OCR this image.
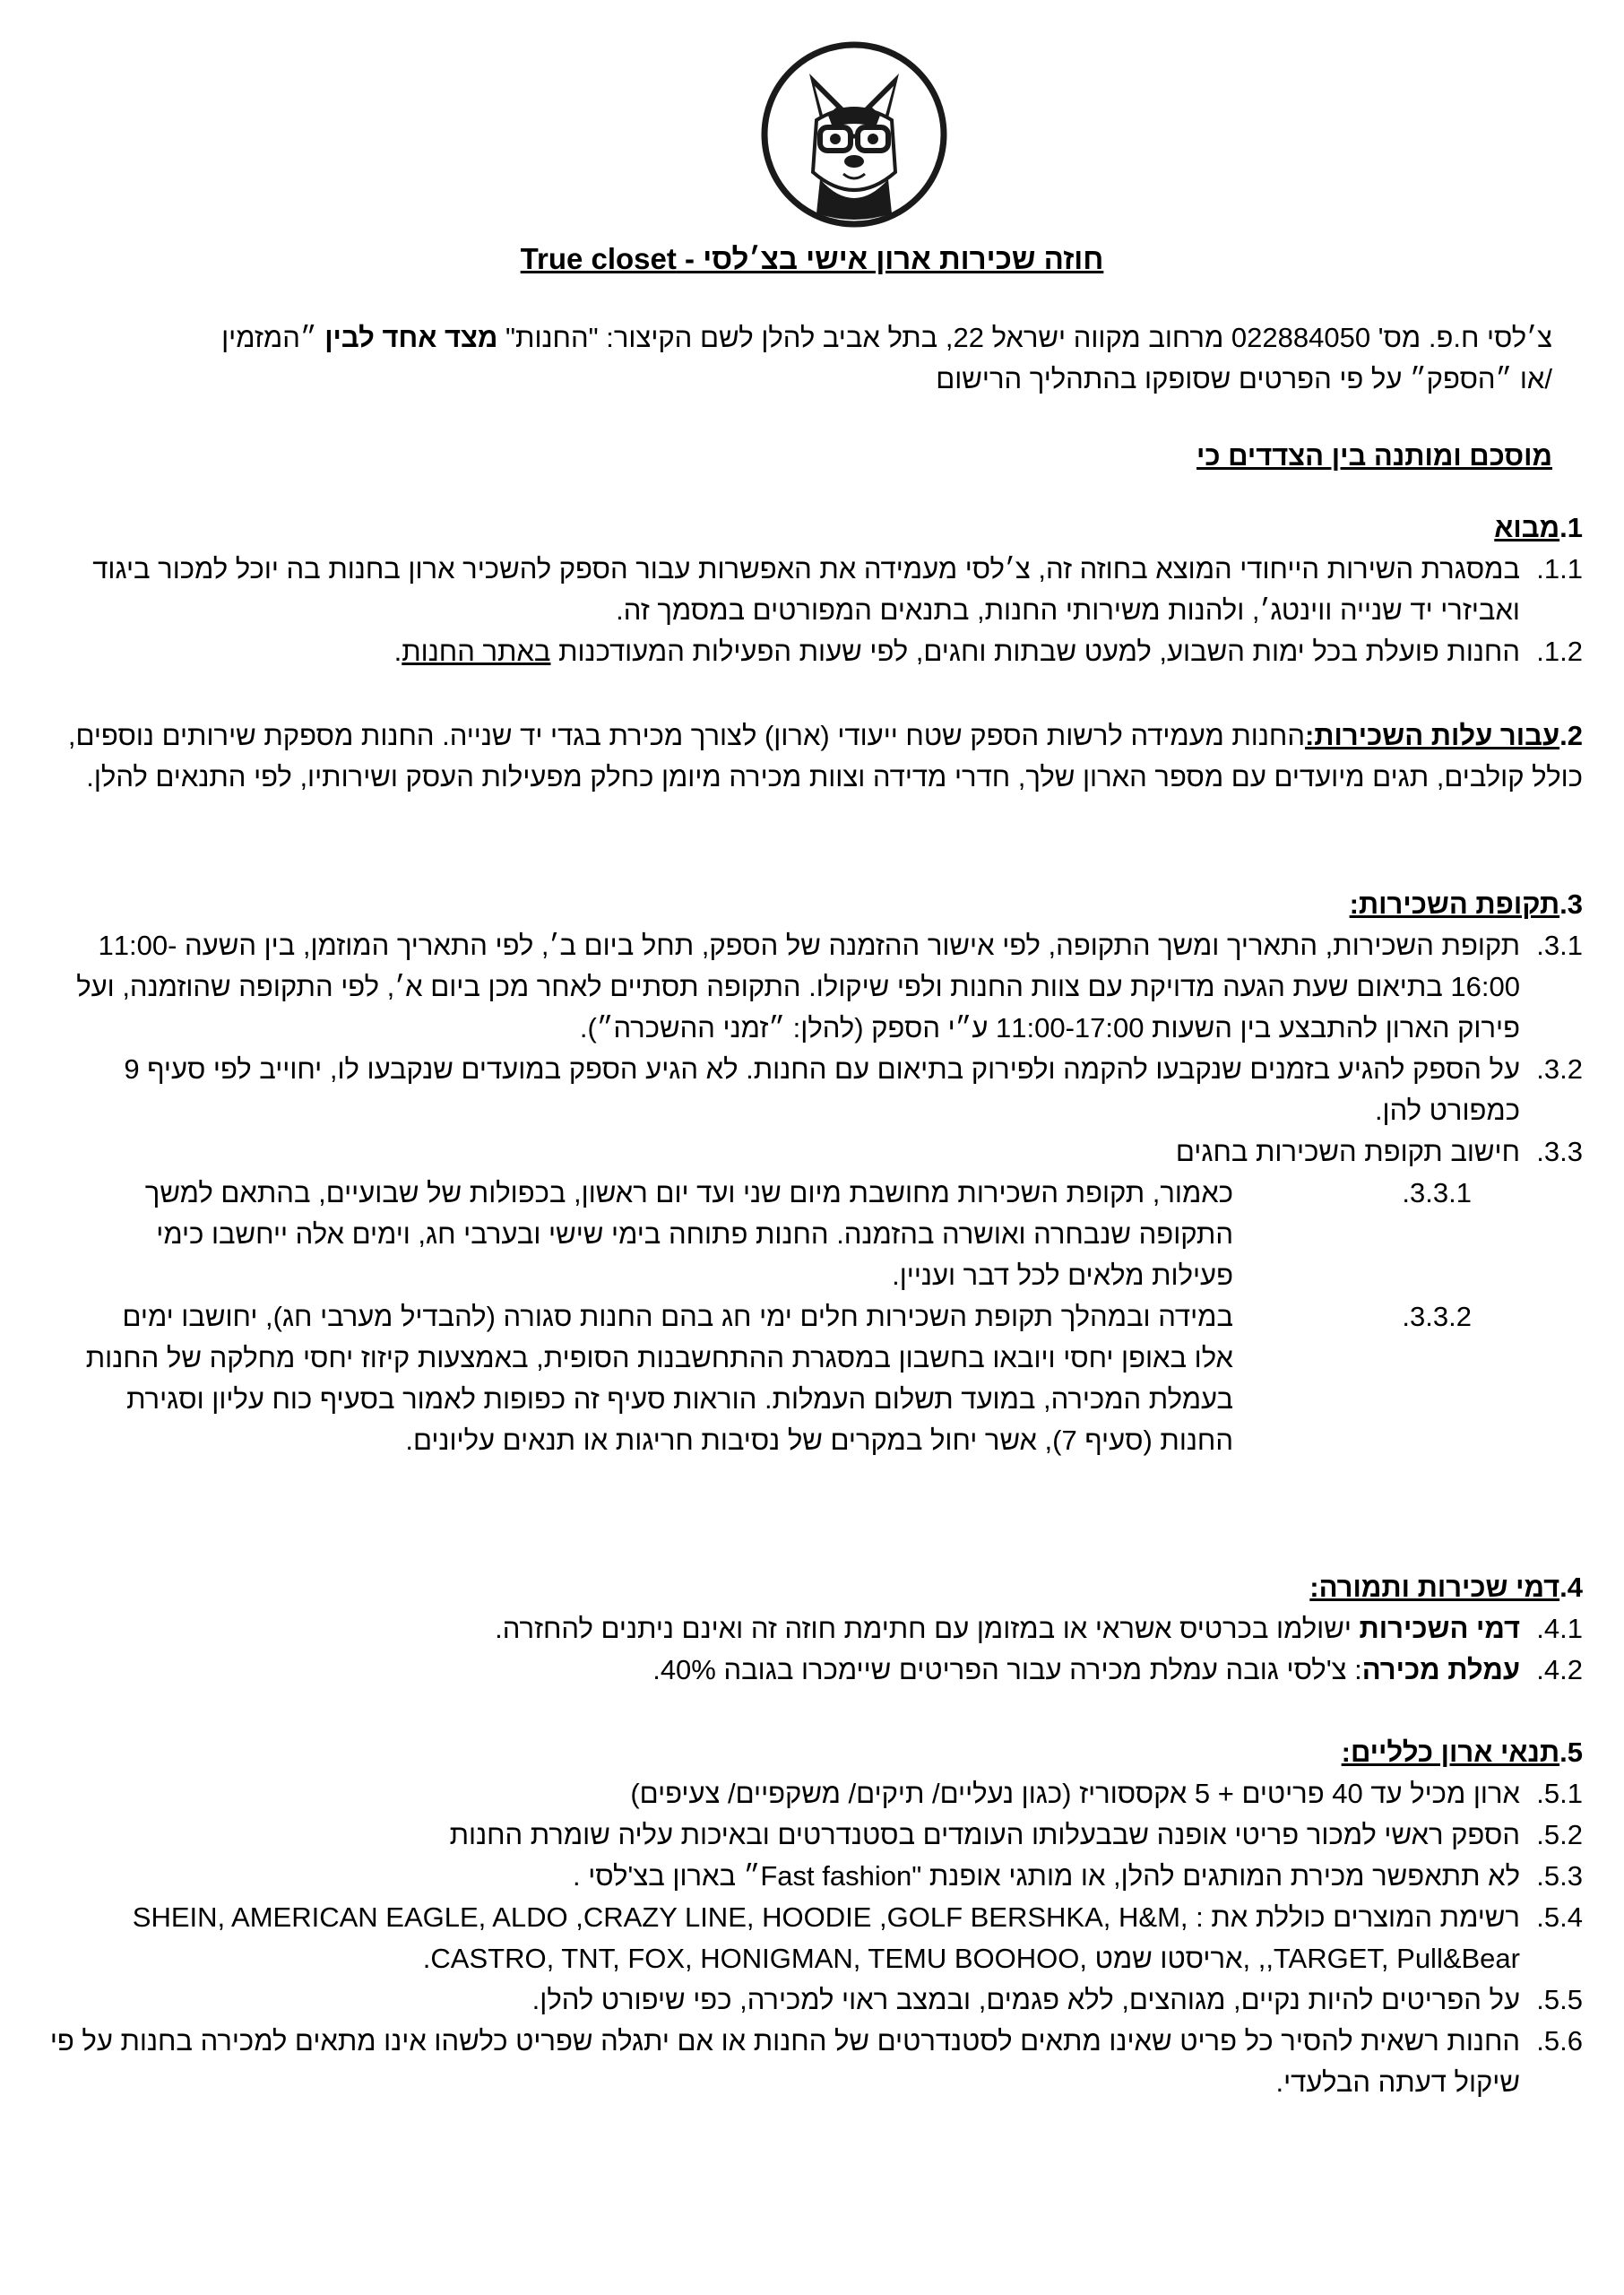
חוזה שכירות ארון אישי בצ׳לסי - True closet
צ׳לסי ח.פ. מס' 022884050 מרחוב מקווה ישראל 22, בתל אביב להלן לשם הקיצור: "החנות" מצד אחד לבין ״המזמין
/או ״הספק״ על פי הפרטים שסופקו בהתהליך הרישום
מוסכם ומותנה בין הצדדים כי
1.מבוא
1.1.
במסגרת השירות הייחודי המוצא בחוזה זה, צ׳לסי מעמידה את האפשרות עבור הספק להשכיר ארון בחנות בה יוכל למכור ביגוד ואביזרי יד שנייה ווינטג׳, ולהנות משירותי החנות, בתנאים המפורטים במסמך זה.
1.2.
החנות פועלת בכל ימות השבוע, למעט שבתות וחגים, לפי שעות הפעילות המעודכנות באתר החנות.
2.עבור עלות השכירות:החנות מעמידה לרשות הספק שטח ייעודי (ארון) לצורך מכירת בגדי יד שנייה. החנות מספקת שירותים נוספים, כולל קולבים, תגים מיועדים עם מספר הארון שלך, חדרי מדידה וצוות מכירה מיומן כחלק מפעילות העסק ושירותיו, לפי התנאים להלן.
3.תקופת השכירות:
3.1.
תקופת השכירות, התאריך ומשך התקופה, לפי אישור ההזמנה של הספק, תחל ביום ב׳, לפי התאריך המוזמן, בין השעה 11:00-16:00 בתיאום שעת הגעה מדויקת עם צוות החנות ולפי שיקולו. התקופה תסתיים לאחר מכן ביום א׳, לפי התקופה שהוזמנה, ועל פירוק הארון להתבצע בין השעות 11:00-17:00 ע״י הספק (להלן: ״זמני ההשכרה״).
3.2.
על הספק להגיע בזמנים שנקבעו להקמה ולפירוק בתיאום עם החנות. לא הגיע הספק במועדים שנקבעו לו, יחוייב לפי סעיף 9 כמפורט להן.
3.3.
חישוב תקופת השכירות בחגים
3.3.1.
כאמור, תקופת השכירות מחושבת מיום שני ועד יום ראשון, בכפולות של שבועיים, בהתאם למשך התקופה שנבחרה ואושרה בהזמנה. החנות פתוחה בימי שישי ובערבי חג, וימים אלה ייחשבו כימי פעילות מלאים לכל דבר ועניין.
3.3.2.
במידה ובמהלך תקופת השכירות חלים ימי חג בהם החנות סגורה (להבדיל מערבי חג), יחושבו ימים אלו באופן יחסי ויובאו בחשבון במסגרת ההתחשבנות הסופית, באמצעות קיזוז יחסי מחלקה של החנות בעמלת המכירה, במועד תשלום העמלות. הוראות סעיף זה כפופות לאמור בסעיף כוח עליון וסגירת החנות (סעיף 7), אשר יחול במקרים של נסיבות חריגות או תנאים עליונים.
4.דמי שכירות ותמורה:
4.1.
דמי השכירות ישולמו בכרטיס אשראי או במזומן עם חתימת חוזה זה ואינם ניתנים להחזרה.
4.2.
עמלת מכירה: צ'לסי גובה עמלת מכירה עבור הפריטים שיימכרו בגובה 40%.
5.תנאי ארון כלליים:
5.1.
ארון מכיל עד 40 פריטים + 5 אקססוריז (כגון נעליים/ תיקים/ משקפיים/ צעיפים)
5.2.
הספק ראשי למכור פריטי אופנה שבבעלותו העומדים בסטנדרטים ובאיכות עליה שומרת החנות
5.3.
לא תתאפשר מכירת המותגים להלן, או מותגי אופנת "Fast fashion״ בארון בצ'לסי .
5.4.
רשימת המוצרים כוללת את : ,SHEIN, AMERICAN EAGLE, ALDO ,CRAZY LINE, HOODIE ,GOLF BERSHKA, H&M ,TARGET, Pull&Bear, ,אריסטו שמט ,CASTRO, TNT, FOX, HONIGMAN, TEMU BOOHOO.
5.5.
על הפריטים להיות נקיים, מגוהצים, ללא פגמים, ובמצב ראוי למכירה, כפי שיפורט להלן.
5.6.
החנות רשאית להסיר כל פריט שאינו מתאים לסטנדרטים של החנות או אם יתגלה שפריט כלשהו אינו מתאים למכירה בחנות על פי שיקול דעתה הבלעדי.
